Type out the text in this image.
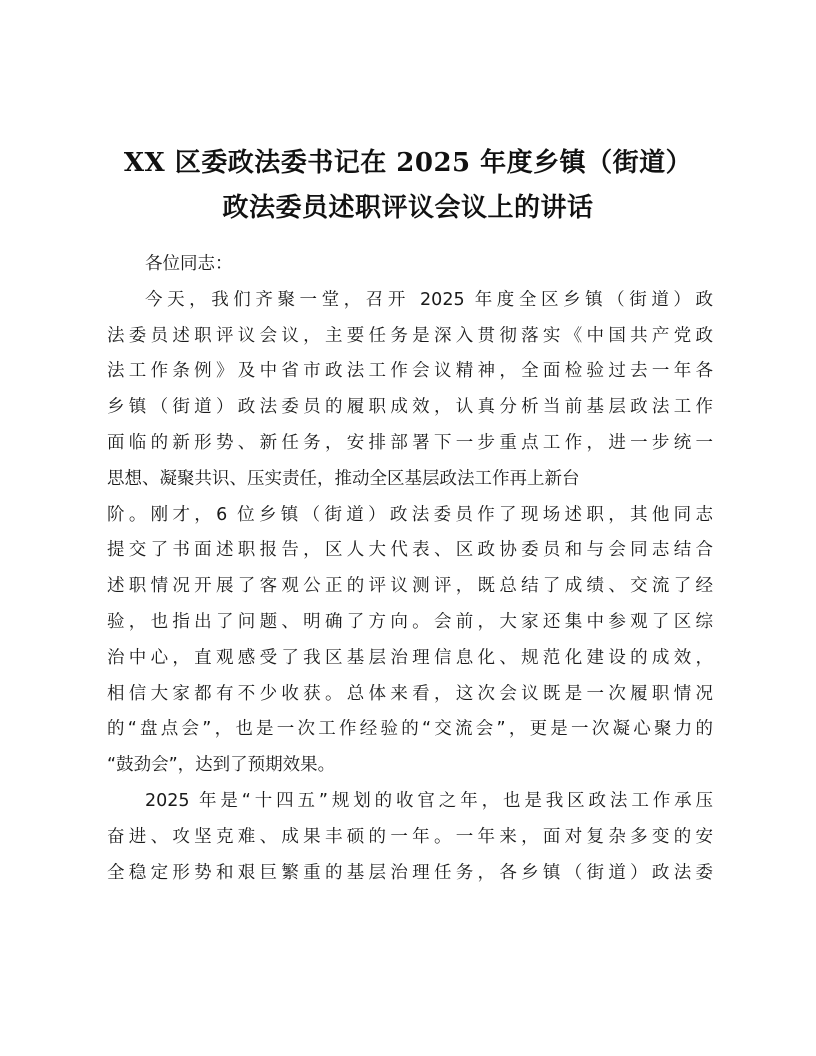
XX 区委政法委书记在 2025 年度乡镇（街道）
政法委员述职评议会议上的讲话
各位同志：
今天，我们齐聚一堂，召开 2025 年度全区乡镇（街道）政
法委员述职评议会议，主要任务是深入贯彻落实《中国共产党政
法工作条例》及中省市政法工作会议精神，全面检验过去一年各
乡镇（街道）政法委员的履职成效，认真分析当前基层政法工作
面临的新形势、新任务，安排部署下一步重点工作，进一步统一
思想、凝聚共识、压实责任，推动全区基层政法工作再上新台
阶。刚才，6 位乡镇（街道）政法委员作了现场述职，其他同志
提交了书面述职报告，区人大代表、区政协委员和与会同志结合
述职情况开展了客观公正的评议测评，既总结了成绩、交流了经
验，也指出了问题、明确了方向。会前，大家还集中参观了区综
治中心，直观感受了我区基层治理信息化、规范化建设的成效，
相信大家都有不少收获。总体来看，这次会议既是一次履职情况
的“盘点会”，也是一次工作经验的“交流会”，更是一次凝心聚力的
“鼓劲会”，达到了预期效果。
2025 年是“十四五”规划的收官之年，也是我区政法工作承压
奋进、攻坚克难、成果丰硕的一年。一年来，面对复杂多变的安
全稳定形势和艰巨繁重的基层治理任务，各乡镇（街道）政法委
